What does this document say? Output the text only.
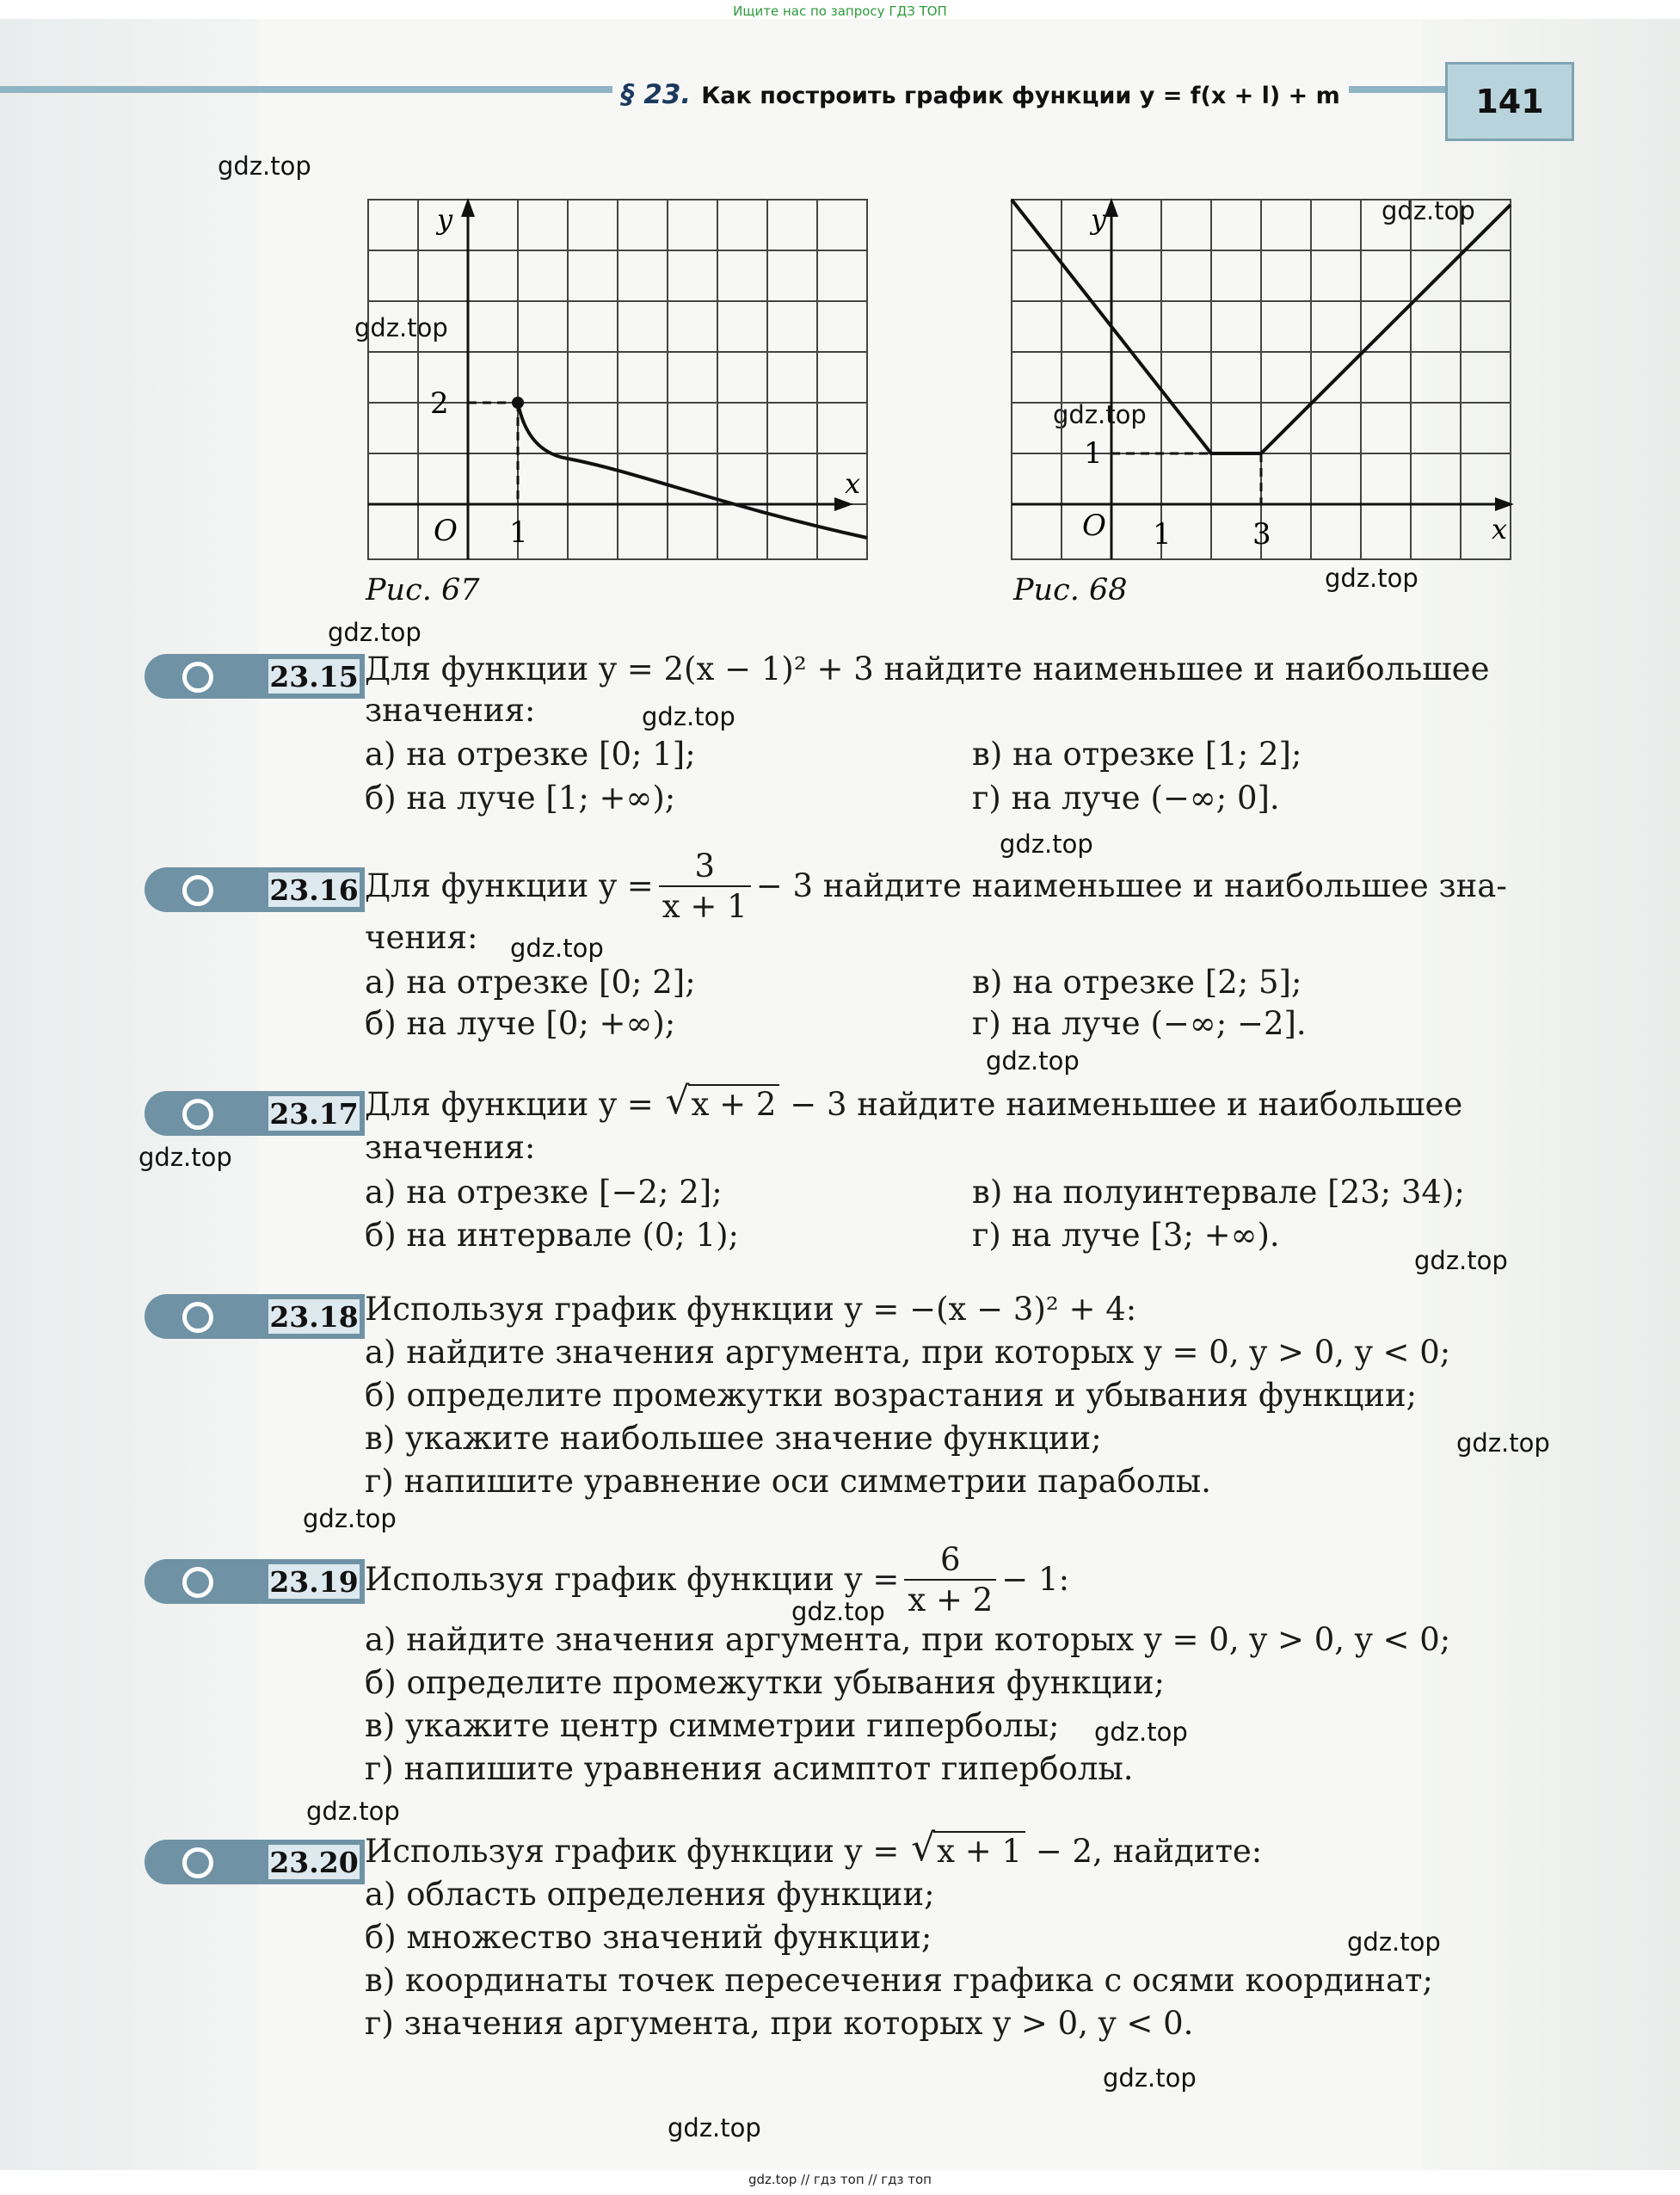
Ищите нас по запросу ГДЗ ТОП
§ 23. Как построить график функции y = f(x + l) + m	141
gdz.top
gdz.top
gdz.top
gdz.top
gdz.top
gdz.top
gdz.top
gdz.top
gdz.top
gdz.top
gdz.top
gdz.top
gdz.top
gdz.top
gdz.top
gdz.top
gdz.top
gdz.top
gdz.top
gdz.top
y
x
O 1
2
Рис. 67
y
x
O 1	3
1
Рис. 68
23.15 Для функции y = 2(x − 1)² + 3 найдите наименьшее и наибольшее
значения:
а) на отрезке [0; 1];	в) на отрезке [1; 2];
б) на луче [1; +∞);	г) на луче (−∞; 0].
23.16 Для функции $y = \frac{3}{x + 1} - 3$ найдите наименьшее и наибольшее зна-
чения:
а) на отрезке [0; 2];	в) на отрезке [2; 5];
б) на луче [0; +∞);	г) на луче (−∞; −2].
23.17 Для функции y = √ x + 2 − 3 найдите наименьшее и наибольшее
значения:
а) на отрезке [−2; 2];	в) на полуинтервале [23; 34);
б) на интервале (0; 1);	г) на луче [3; +∞).
23.18 Используя график функции y = −(x − 3)² + 4:
а) найдите значения аргумента, при которых y = 0, y > 0, y < 0;
б) определите промежутки возрастания и убывания функции;
в) укажите наибольшее значение функции;
г) напишите уравнение оси симметрии параболы.
23.19 Используя график функции $y = \frac{6}{x + 2} - 1$:
а) найдите значения аргумента, при которых y = 0, y > 0, y < 0;
б) определите промежутки убывания функции;
в) укажите центр симметрии гиперболы;
г) напишите уравнения асимптот гиперболы.
23.20 Используя график функции y = √ x + 1 − 2, найдите:
а) область определения функции;
б) множество значений функции;
в) координаты точек пересечения графика с осями координат;
г) значения аргумента, при которых y > 0, y < 0.
gdz.top // гдз топ // гдз топ
